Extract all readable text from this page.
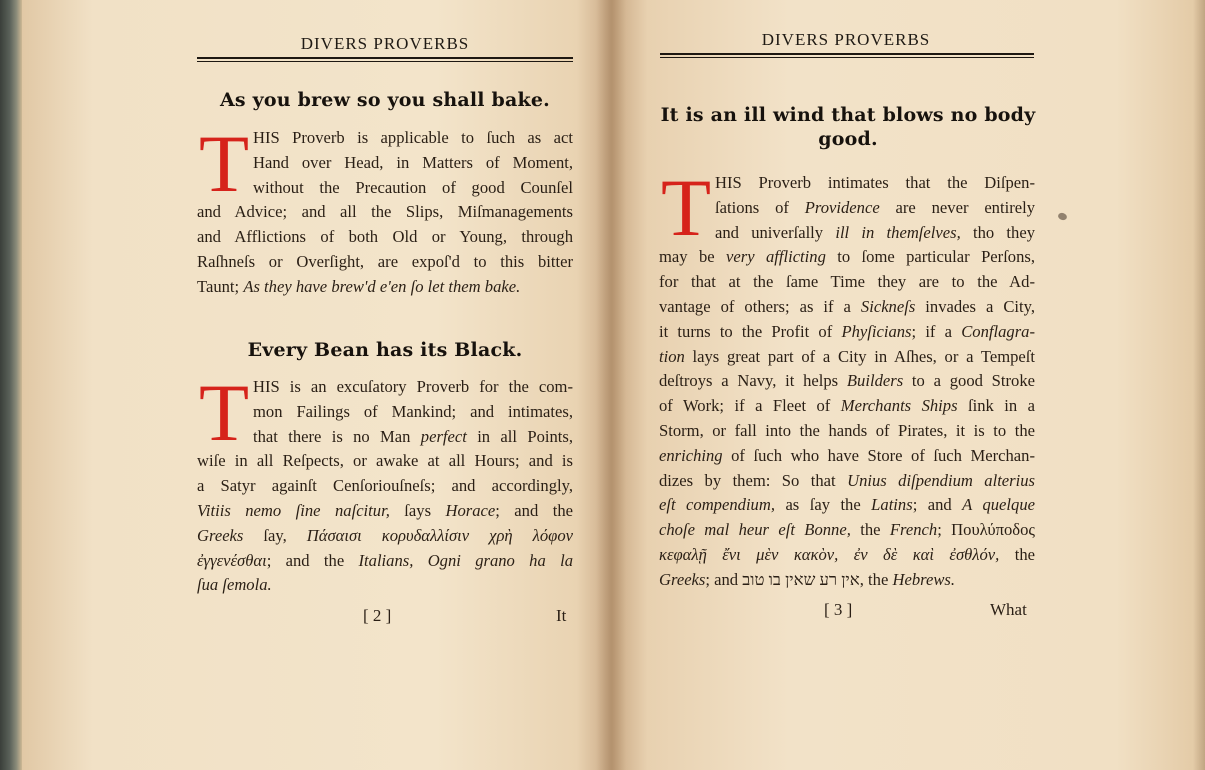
DIVERS PROVERBS
As you brew so you shall bake.
T HIS Proverb is applicable to ſuch as act
Hand over Head, in Matters of Moment,
without the Precaution of good Counſel
and Advice; and all the Slips, Miſmanagements
and Afflictions of both Old or Young, through
Raſhneſs or Overſight, are expoſ'd to this bitter
Taunt; As they have brew'd e'en ſo let them bake.
Every Bean has its Black.
T HIS is an excuſatory Proverb for the com-
mon Failings of Mankind; and intimates,
that there is no Man perfect in all Points,
wiſe in all Reſpects, or awake at all Hours; and is
a Satyr againſt Cenſoriouſneſs; and accordingly,
Vitiis nemo ſine naſcitur, ſays Horace; and the
Greeks ſay, Πάσαισι κορυδαλλίσιν χρὴ λόφον
ἐγγενέσθαι; and the Italians, Ogni grano ha la
ſua ſemola.
[ 2 ]	It
DIVERS PROVERBS
It is an ill wind that blows no body
good.
T HIS Proverb intimates that the Diſpen-
ſations of Providence are never entirely
and univerſally ill in themſelves, tho they
may be very afflicting to ſome particular Perſons,
for that at the ſame Time they are to the Ad-
vantage of others; as if a Sickneſs invades a City,
it turns to the Profit of Phyſicians; if a Conflagra-
tion lays great part of a City in Aſhes, or a Tempeſt
deſtroys a Navy, it helps Builders to a good Stroke
of Work; if a Fleet of Merchants Ships ſink in a
Storm, or fall into the hands of Pirates, it is to the
enriching of ſuch who have Store of ſuch Merchan-
dizes by them: So that Unius diſpendium alterius
eſt compendium, as ſay the Latins; and A quelque
choſe mal heur eſt Bonne, the French; Πουλύποδος
κεφαλῇ ἔνι μὲν κακὸν, ἐν δὲ καὶ ἐσθλόν, the
Greeks; and אין רע שאין בו טוב, the Hebrews.
[ 3 ]	What
